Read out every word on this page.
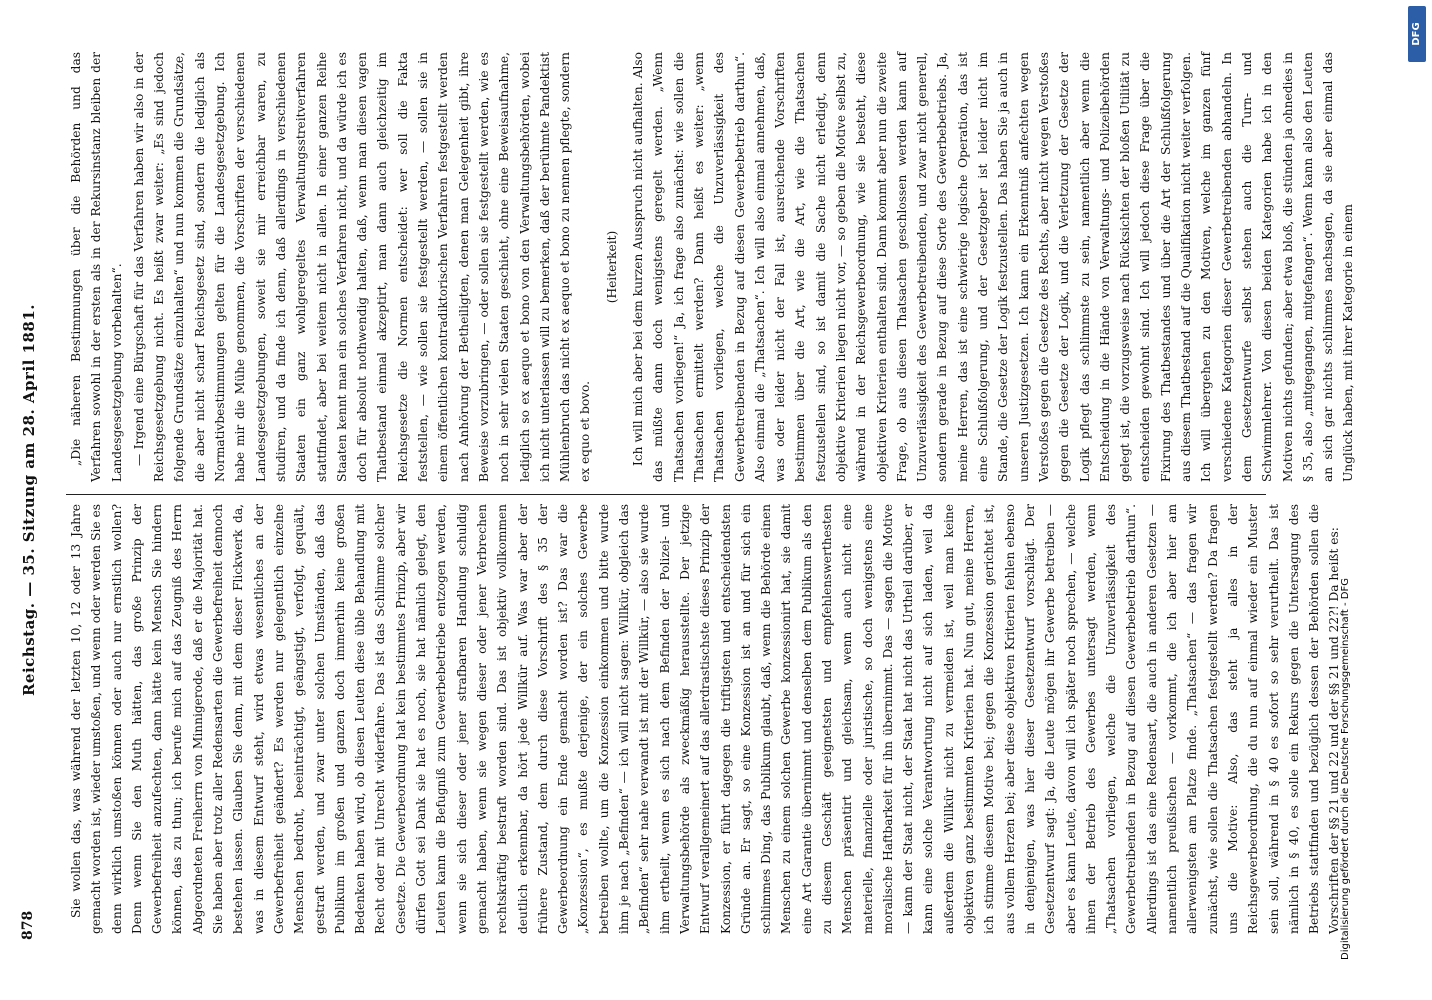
878
Reichstag. — 35. Sitzung am 28. April 1881.

Sie wollen das, was während der letzten 10, 12 oder 13 Jahre gemacht worden ist, wieder umstoßen, und wenn oder werden Sie es denn wirklich umstoßen können oder auch nur ernstlich wollen? Denn wenn Sie den Muth hätten, das große Prinzip der Gewerbefreiheit anzufechten, dann hätte kein Mensch Sie hindern können, das zu thun; ich berufe mich auf das Zeugniß des Herrn Abgeordneten Freiherrn von Minnigerode, daß er die Majorität hat. Sie haben aber trotz aller Redensarten die Gewerbefreiheit dennoch bestehen lassen. Glauben Sie denn, mit dem dieser Flickwerk da, was in diesem Entwurf steht, wird etwas wesentliches an der Gewerbefreiheit geändert? Es werden nur gelegentlich einzelne Menschen bedroht, beeinträchtigt, geängstigt, verfolgt, gequält, gestraft werden, und zwar unter solchen Umständen, daß das Publikum im großen und ganzen doch immerhin keine großen Bedenken haben wird, ob diesen Leuten diese üble Behandlung mit Recht oder mit Unrecht widerfahre. Das ist das Schlimme solcher Gesetze. Die Gewerbeordnung hat kein bestimmtes Prinzip, aber wir dürfen Gott sei Dank sie hat es noch, sie hat nämlich gelegt, den Leuten kann die Befugniß zum Gewerbebetriebe entzogen werden, wenn sie sich dieser oder jener strafbaren Handlung schuldig gemacht haben, wenn sie wegen dieser oder jener Verbrechen rechtskräftig bestraft worden sind. Das ist objektiv vollkommen deutlich erkennbar, da hört jede Willkür auf. Was war aber der frühere Zustand, dem durch diese Vorschrift des § 35 der Gewerbeordnung ein Ende gemacht worden ist? Das war die „Konzession“, es mußte derjenige, der ein solches Gewerbe betreiben wollte, um die Konzession einkommen und bitte wurde ihm je nach „Befinden“ — ich will nicht sagen: Willkür, obgleich das „Befinden“ sehr nahe verwandt ist mit der Willkür, — also sie wurde ihm ertheilt, wenn es sich nach dem Befinden der Polizei- und Verwaltungsbehörde als zweckmäßig herausstellte. Der jetzige Entwurf verallgemeinert auf das allerdrastischste dieses Prinzip der Konzession, er führt dagegen die triftigsten und entscheidendsten Gründe an. Er sagt, so eine Konzession ist an und für sich ein schlimmes Ding, das Publikum glaubt, daß, wenn die Behörde einen Menschen zu einem solchen Gewerbe konzessionirt hat, sie damit eine Art Garantie übernimmt und denselben dem Publikum als den zu diesem Geschäft geeignetsten und empfehlenswerthesten Menschen präsentirt und gleichsam, wenn auch nicht eine materielle, finanzielle oder juristische, so doch wenigstens eine moralische Haftbarkeit für ihn übernimmt. Das — sagen die Motive — kann der Staat nicht, der Staat hat nicht das Urtheil darüber, er kann eine solche Verantwortung nicht auf sich laden, weil da außerdem die Willkür nicht zu vermeiden ist, weil man keine objektiven ganz bestimmten Kriterien hat. Nun gut, meine Herren, ich stimme diesem Motive bei; gegen die Konzession gerichtet ist, aus vollem Herzen bei; aber diese objektiven Kriterien fehlen ebenso in denjenigen, was hier dieser Gesetzentwurf vorschlägt. Der Gesetzentwurf sagt: Ja, die Leute mögen ihr Gewerbe betreiben — aber es kann Leute, davon will ich später noch sprechen, — welche ihnen der Betrieb des Gewerbes untersagt werden, wenn „Thatsachen vorliegen, welche die Unzuverlässigkeit des Gewerbetreibenden in Bezug auf diesen Gewerbebetrieb darthun“. Allerdings ist das eine Redensart, die auch in anderen Gesetzen — namentlich preußischen — vorkommt, die ich aber hier am allerwenigsten am Platze finde. „Thatsachen“ — das fragen wir zunächst, wie sollen die Thatsachen festgestellt werden? Da fragen uns die Motive: Also, das steht ja alles in der Reichsgewerbeordnung, die du nun auf einmal wieder ein Muster sein soll, während in § 40 es sofort so sehr verurtheilt. Das ist nämlich in § 40, es solle ein Rekurs gegen die Untersagung des Betriebs stattfinden und bezüglich dessen der Behörden sollen die Vorschriften der §§ 21 und 22 und der §§ 21 und 22?! Da heißt es:

„Die näheren Bestimmungen über die Behörden und das Verfahren sowohl in der ersten als in der Rekursinstanz bleiben der Landesgesetzgebung vorbehalten“. — Irgend eine Bürgschaft für das Verfahren haben wir also in der Reichsgesetzgebung nicht. Es heißt zwar weiter: „Es sind jedoch folgende Grundsätze einzuhalten“ und nun kommen die Grundsätze, die aber nicht scharf Reichsgesetz sind, sondern die lediglich als Normativbestimmungen gelten für die Landesgesetzgebung. Ich habe mir die Mühe genommen, die Vorschriften der verschiedenen Landesgesetzgebungen, soweit sie mir erreichbar waren, zu studiren, und da finde ich denn, daß allerdings in verschiedenen Staaten ein ganz wohlgeregeltes Verwaltungsstreitverfahren stattfindet, aber bei weitem nicht in allen. In einer ganzen Reihe Staaten kennt man ein solches Verfahren nicht, und da würde ich es doch für absolut nothwendig halten, daß, wenn man diesen vagen Thatbestand einmal akzeptirt, man dann auch gleichzeitig im Reichsgesetze die Normen entscheidet: wer soll die Fakta feststellen, — wie sollen sie festgestellt werden, — sollen sie in einem öffentlichen kontradiktorischen Verfahren festgestellt werden nach Anhörung der Betheiligten, denen man Gelegenheit gibt, ihre Beweise vorzubringen, — oder sollen sie festgestellt werden, wie es noch in sehr vielen Staaten geschieht, ohne eine Beweisaufnahme, lediglich so ex aequo et bono von den Verwaltungsbehörden, wobei ich nicht unterlassen will zu bemerken, daß der berühmte Pandektist Mühlenbruch das nicht ex aequo et bono zu nennen pflegte, sondern ex equo et bovo.

(Heiterkeit) Ich will mich aber bei dem kurzen Ausspruch nicht aufhalten. Also das müßte dann doch wenigstens geregelt werden. „Wenn Thatsachen vorliegen!“ Ja, ich frage also zunächst: wie sollen die Thatsachen ermittelt werden? Dann heißt es weiter: „wenn Thatsachen vorliegen, welche die Unzuverlässigkeit des Gewerbetreibenden in Bezug auf diesen Gewerbebetrieb darthun“. Also einmal die „Thatsachen“. Ich will also einmal annehmen, daß, was oder leider nicht der Fall ist, ausreichende Vorschriften bestimmen über die Art, wie die Art, wie die Thatsachen festzustellen sind, so ist damit die Sache nicht erledigt, denn objektive Kriterien liegen nicht vor, — so geben die Motive selbst zu, während in der Reichsgewerbeordnung, wie sie besteht, diese objektiven Kriterien enthalten sind. Dann kommt aber nun die zweite Frage, ob aus diesen Thatsachen geschlossen werden kann auf Unzuverlässigkeit des Gewerbetreibenden, und zwar nicht generell, sondern gerade in Bezug auf diese Sorte des Gewerbebetriebs. Ja, meine Herren, das ist eine schwierige logische Operation, das ist eine Schlußfolgerung, und der Gesetzgeber ist leider nicht im Stande, die Gesetze der Logik festzustellen. Das haben Sie ja auch in unseren Justizgesetzen. Ich kann ein Erkenntniß anfechten wegen Verstoßes gegen die Gesetze des Rechts, aber nicht wegen Verstoßes gegen die Gesetze der Logik, und die Verletzung der Gesetze der Logik pflegt das schlimmste zu sein, namentlich aber wenn die Entscheidung in die Hände von Verwaltungs- und Polizeibehörden gelegt ist, die vorzugsweise nach Rücksichten der bloßen Utilität zu entscheiden gewohnt sind. Ich will jedoch diese Frage über die Fixirung des Thatbestandes und über die Art der Schlußfolgerung aus diesem Thatbestand auf die Qualifikation nicht weiter verfolgen. Ich will übergehen zu den Motiven, welche im ganzen fünf verschiedene Kategorien dieser Gewerbetreibenden abhandeln. In dem Gesetzentwurfe selbst stehen auch die Turn- und Schwimmlehrer. Von diesen beiden Kategorien habe ich in den Motiven nichts gefunden; aber etwa bloß, die stünden ja ohnedies in § 35, also „mitgegangen, mitgefangen“. Wenn kann also den Leuten an sich gar nichts schlimmes nachsagen, da sie aber einmal das Unglück haben, mit ihrer Kategorie in einem

Digitalisierung gefördert durch die Deutsche Forschungsgemeinschaft - DFG
DFG
